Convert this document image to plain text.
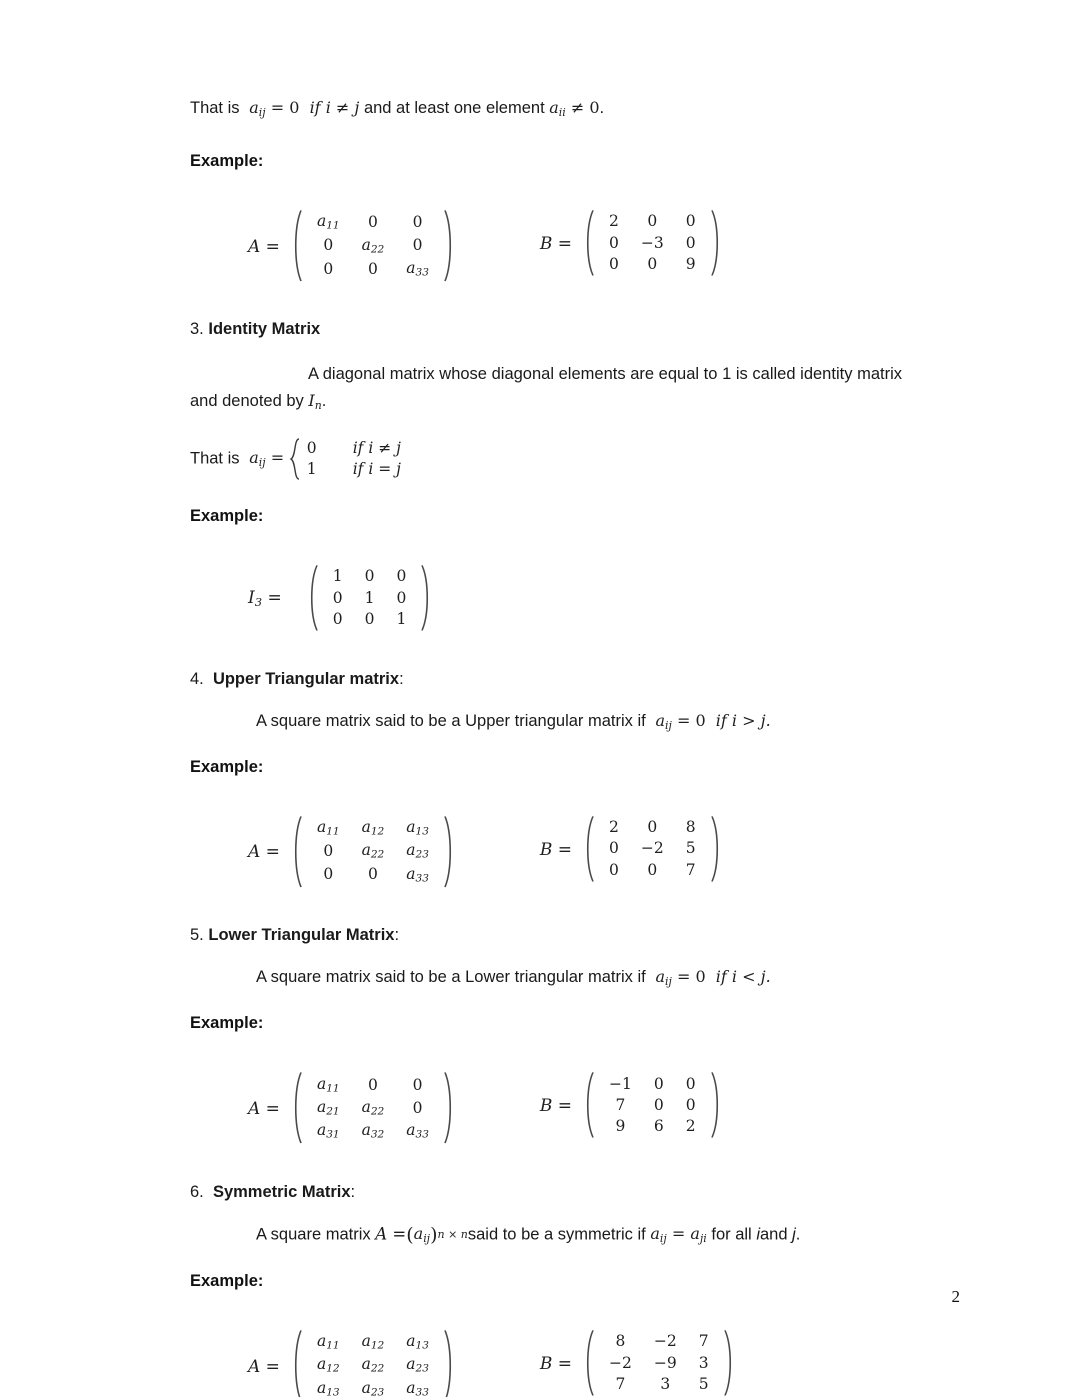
That is $a_{ij} = 0$ if i ≠ j and at least one element $a_{ii} \ne 0$.

Example:

A =
$a_{11}$	0	0
0	$a_{22}$	0
0	0	$a_{33}$
B =
2	0	0
0	−3	0
0	0	9

3. Identity Matrix

A diagonal matrix whose diagonal elements are equal to 1 is called identity matrix and denoted by $I_n$.

That is $a_{ij}$ =
0	if i ≠ j
1	if i = j

Example:

$I_3$ =
1	0	0
0	1	0
0	0	1

4. Upper Triangular matrix:

A square matrix said to be a Upper triangular matrix if $a_{ij} = 0$ if i > j.

Example:

A =
$a_{11}$	$a_{12}$	$a_{13}$
0	$a_{22}$	$a_{23}$
0	0	$a_{33}$
B =
2	0	8
0	−2	5
0	0	7

5. Lower Triangular Matrix:

A square matrix said to be a Lower triangular matrix if $a_{ij} = 0$ if i < j.

Example:

A =
$a_{11}$	0	0
$a_{21}$	$a_{22}$	0
$a_{31}$	$a_{32}$	$a_{33}$
B =
−1	0	0
7	0	0
9	6	2

6. Symmetric Matrix:

A square matrix A = ( $a_{ij}$ ) n × n said to be a symmetric if $a_{ij} = a_{ji}$ for all iand j.

Example:

A =
$a_{11}$	$a_{12}$	$a_{13}$
$a_{12}$	$a_{22}$	$a_{23}$
$a_{13}$	$a_{23}$	$a_{33}$
B =
8	−2	7
−2	−9	3
7	3	5
2
